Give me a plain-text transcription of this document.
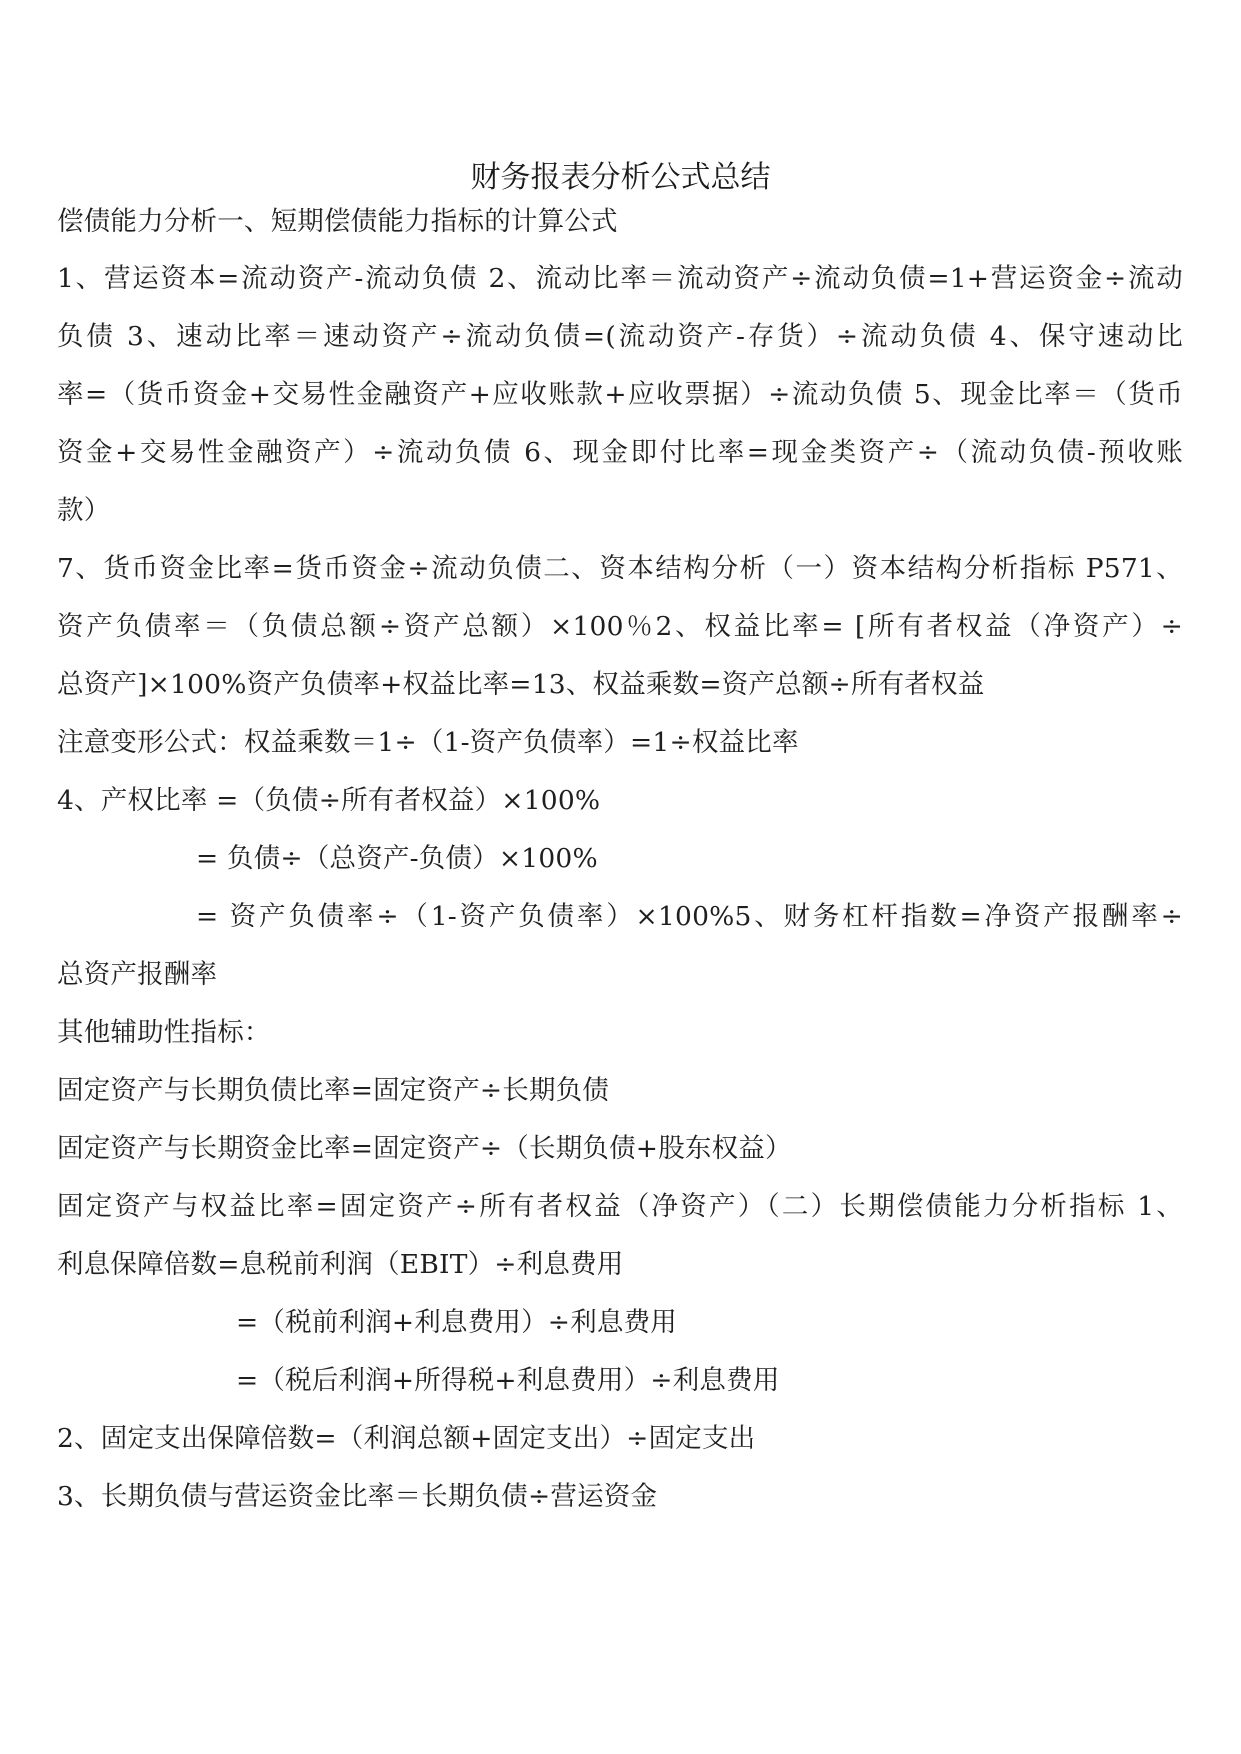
财务报表分析公式总结
偿债能力分析一、短期偿债能力指标的计算公式
1、营运资本=流动资产-流动负债 2、流动比率＝流动资产÷流动负债=1+营运资金÷流动
负债 3、速动比率＝速动资产÷流动负债=(流动资产-存货）÷流动负债 4、保守速动比
率=（货币资金+交易性金融资产+应收账款+应收票据）÷流动负债 5、现金比率＝（货币
资金+交易性金融资产）÷流动负债 6、现金即付比率=现金类资产÷（流动负债-预收账
款）
7、货币资金比率=货币资金÷流动负债二、资本结构分析（一）资本结构分析指标 P571、
资产负债率＝（负债总额÷资产总额）×100％2、权益比率= [所有者权益（净资产）÷
总资产]×100%资产负债率+权益比率=13、权益乘数=资产总额÷所有者权益
注意变形公式：权益乘数＝1÷（1-资产负债率）=1÷权益比率
4、产权比率 =（负债÷所有者权益）×100%
= 负债÷（总资产-负债）×100%
= 资产负债率÷（1-资产负债率）×100%5、财务杠杆指数=净资产报酬率÷
总资产报酬率
其他辅助性指标：
固定资产与长期负债比率=固定资产÷长期负债
固定资产与长期资金比率=固定资产÷（长期负债+股东权益）
固定资产与权益比率=固定资产÷所有者权益（净资产）（二）长期偿债能力分析指标 1、
利息保障倍数=息税前利润（EBIT）÷利息费用
=（税前利润+利息费用）÷利息费用
=（税后利润+所得税+利息费用）÷利息费用
2、固定支出保障倍数=（利润总额+固定支出）÷固定支出
3、长期负债与营运资金比率＝长期负债÷营运资金
